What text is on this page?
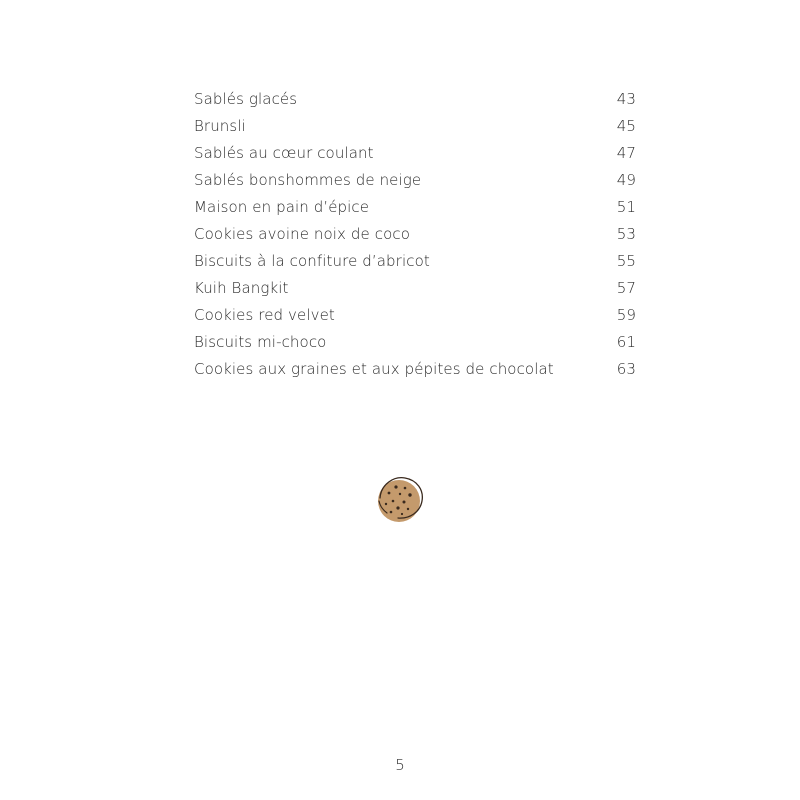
Sablés glacés	43
Brunsli	45
Sablés au cœur coulant	47
Sablés bonshommes de neige	49
Maison en pain d’épice	51
Cookies avoine noix de coco	53
Biscuits à la confiture d’abricot	55
Kuih Bangkit	57
Cookies red velvet	59
Biscuits mi-choco	61
Cookies aux graines et aux pépites de chocolat	63
5
